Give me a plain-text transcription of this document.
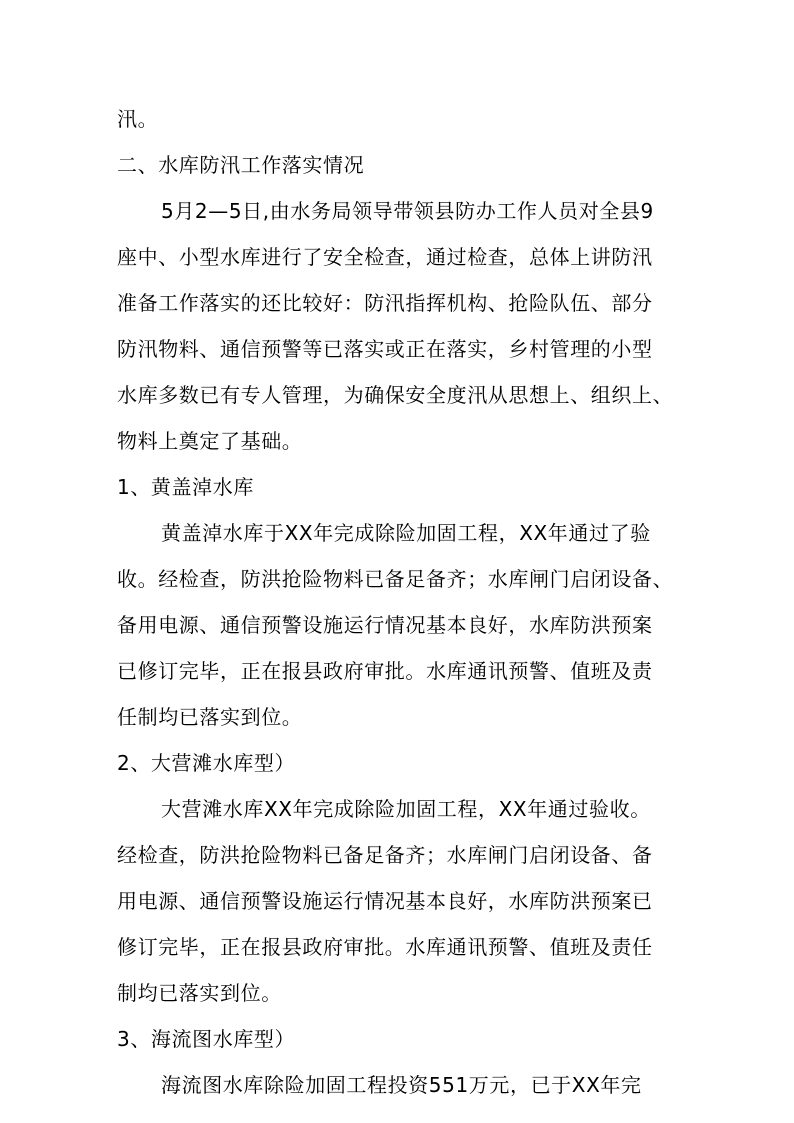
汛。
二、水库防汛工作落实情况
5月2—5日,由水务局领导带领县防办工作人员对全县9
座中、小型水库进行了安全检查，通过检查，总体上讲防汛
准备工作落实的还比较好：防汛指挥机构、抢险队伍、部分
防汛物料、通信预警等已落实或正在落实，乡村管理的小型
水库多数已有专人管理，为确保安全度汛从思想上、组织上、
物料上奠定了基础。
1、黄盖淖水库
黄盖淖水库于XX年完成除险加固工程，XX年通过了验
收。经检查，防洪抢险物料已备足备齐；水库闸门启闭设备、
备用电源、通信预警设施运行情况基本良好，水库防洪预案
已修订完毕，正在报县政府审批。水库通讯预警、值班及责
任制均已落实到位。
2、大营滩水库型）
大营滩水库XX年完成除险加固工程，XX年通过验收。
经检查，防洪抢险物料已备足备齐；水库闸门启闭设备、备
用电源、通信预警设施运行情况基本良好，水库防洪预案已
修订完毕，正在报县政府审批。水库通讯预警、值班及责任
制均已落实到位。
3、海流图水库型）
海流图水库除险加固工程投资551万元，已于XX年完
